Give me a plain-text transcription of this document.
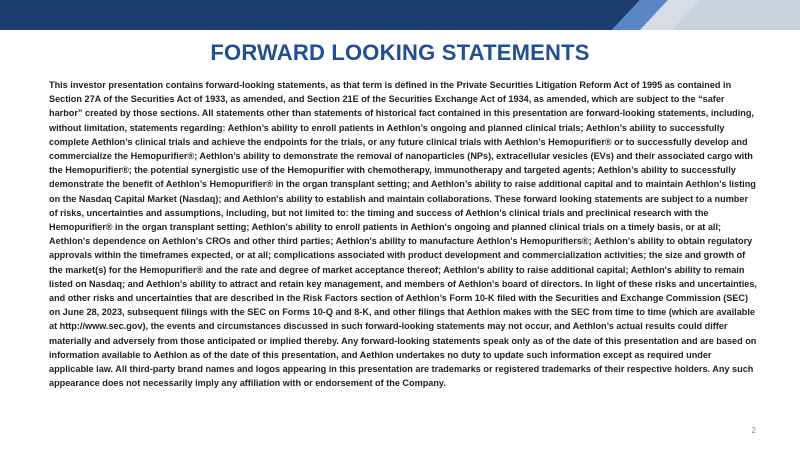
FORWARD LOOKING STATEMENTS

This investor presentation contains forward-looking statements, as that term is defined in the Private Securities Litigation Reform Act of 1995 as contained in Section 27A of the Securities Act of 1933, as amended, and Section 21E of the Securities Exchange Act of 1934, as amended, which are subject to the “safer harbor” created by those sections. All statements other than statements of historical fact contained in this presentation are forward-looking statements, including, without limitation, statements regarding: Aethlon’s ability to enroll patients in Aethlon’s ongoing and planned clinical trials; Aethlon’s ability to successfully complete Aethlon’s clinical trials and achieve the endpoints for the trials, or any future clinical trials with Aethlon’s Hemopurifier® or to successfully develop and commercialize the Hemopurifier®; Aethlon’s ability to demonstrate the removal of nanoparticles (NPs), extracellular vesicles (EVs) and their associated cargo with the Hemopurifier®; the potential synergistic use of the Hemopurifier with chemotherapy, immunotherapy and targeted agents; Aethlon’s ability to successfully demonstrate the benefit of Aethlon’s Hemopurifier® in the organ transplant setting; and Aethlon’s ability to raise additional capital and to maintain Aethlon's listing on the Nasdaq Capital Market (Nasdaq); and Aethlon's ability to establish and maintain collaborations. These forward looking statements are subject to a number of risks, uncertainties and assumptions, including, but not limited to: the timing and success of Aethlon's clinical trials and preclinical research with the Hemopurifier® in the organ transplant setting; Aethlon's ability to enroll patients in Aethlon's ongoing and planned clinical trials on a timely basis, or at all; Aethlon's dependence on Aethlon's CROs and other third parties; Aethlon's ability to manufacture Aethlon's Hemopurifiers®; Aethlon's ability to obtain regulatory approvals within the timeframes expected, or at all; complications associated with product development and commercialization activities; the size and growth of the market(s) for the Hemopurifier® and the rate and degree of market acceptance thereof; Aethlon's ability to raise additional capital; Aethlon's ability to remain listed on Nasdaq; and Aethlon's ability to attract and retain key management, and members of Aethlon's board of directors. In light of these risks and uncertainties, and other risks and uncertainties that are described in the Risk Factors section of Aethlon’s Form 10-K filed with the Securities and Exchange Commission (SEC) on June 28, 2023, subsequent filings with the SEC on Forms 10-Q and 8-K, and other filings that Aethlon makes with the SEC from time to time (which are available at http://www.sec.gov), the events and circumstances discussed in such forward-looking statements may not occur, and Aethlon’s actual results could differ materially and adversely from those anticipated or implied thereby. Any forward-looking statements speak only as of the date of this presentation and are based on information available to Aethlon as of the date of this presentation, and Aethlon undertakes no duty to update such information except as required under applicable law. All third-party brand names and logos appearing in this presentation are trademarks or registered trademarks of their respective holders. Any such appearance does not necessarily imply any affiliation with or endorsement of the Company.

2
